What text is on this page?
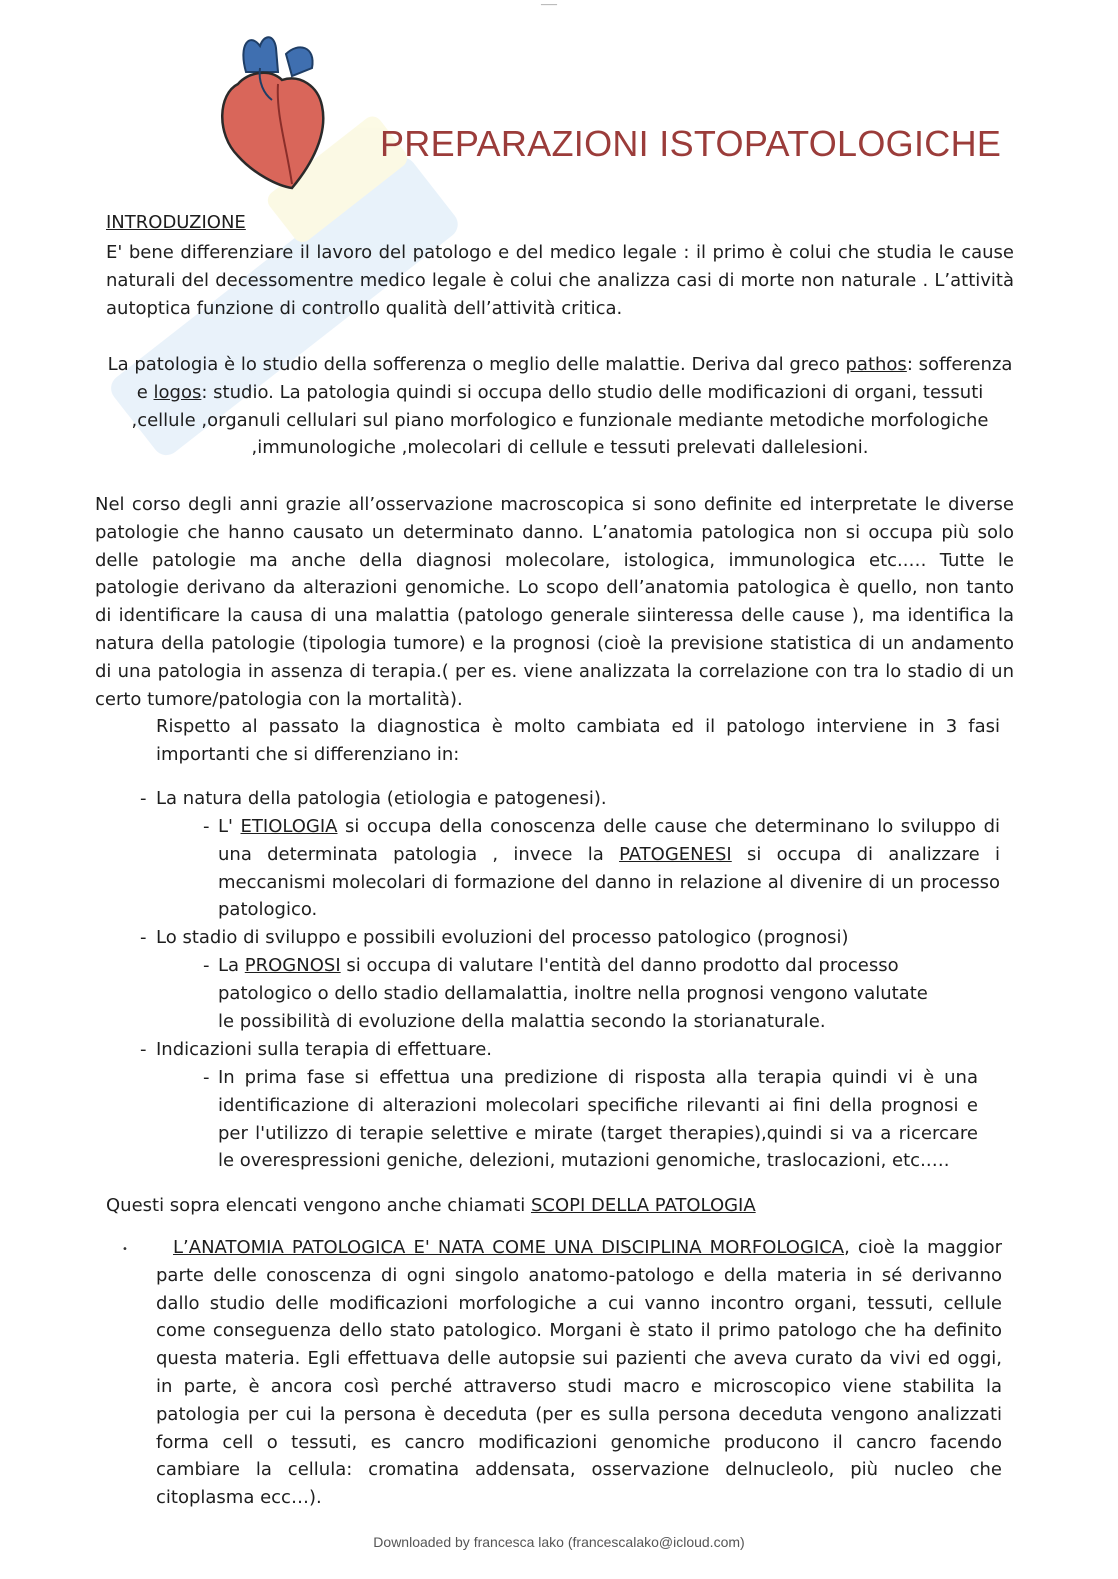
____
PREPARAZIONI ISTOPATOLOGICHE
INTRODUZIONE
E' bene differenziare il lavoro del patologo e del medico legale : il primo è colui che studia le cause naturali del decessomentre medico legale è colui che analizza casi di morte non naturale . L’attività autoptica funzione di controllo qualità dell’attività critica.
La patologia è lo studio della sofferenza o meglio delle malattie. Deriva dal greco pathos: sofferenza e logos: studio. La patologia quindi si occupa dello studio delle modificazioni di organi, tessuti ,cellule ,organuli cellulari sul piano morfologico e funzionale mediante metodiche morfologiche ,immunologiche ,molecolari di cellule e tessuti prelevati dallelesioni.
Nel corso degli anni grazie all’osservazione macroscopica si sono definite ed interpretate le diverse patologie che hanno causato un determinato danno. L’anatomia patologica non si occupa più solo delle patologie ma anche della diagnosi molecolare, istologica, immunologica etc..… Tutte le patologie derivano da alterazioni genomiche. Lo scopo dell’anatomia patologica è quello, non tanto di identificare la causa di una malattia (patologo generale siinteressa delle cause ), ma identifica la natura della patologie (tipologia tumore) e la prognosi (cioè la previsione statistica di un andamento di una patologia in assenza di terapia.( per es. viene analizzata la correlazione con tra lo stadio di un certo tumore/patologia con la mortalità).
Rispetto al passato la diagnostica è molto cambiata ed il patologo interviene in 3 fasi importanti che si differenziano in:
- La natura della patologia (etiologia e patogenesi).
- L' ETIOLOGIA si occupa della conoscenza delle cause che determinano lo sviluppo di una determinata patologia , invece la PATOGENESI si occupa di analizzare i meccanismi molecolari di formazione del danno in relazione al divenire di un processo patologico.
- Lo stadio di sviluppo e possibili evoluzioni del processo patologico (prognosi)
- La PROGNOSI si occupa di valutare l'entità del danno prodotto dal processo
patologico o dello stadio dellamalattia, inoltre nella prognosi vengono valutate
le possibilità di evoluzione della malattia secondo la storianaturale.
- Indicazioni sulla terapia di effettuare.
- In prima fase si effettua una predizione di risposta alla terapia quindi vi è una identificazione di alterazioni molecolari specifiche rilevanti ai fini della prognosi e per l'utilizzo di terapie selettive e mirate (target therapies),quindi si va a ricercare le overespressioni geniche, delezioni, mutazioni genomiche, traslocazioni, etc.….
Questi sopra elencati vengono anche chiamati SCOPI DELLA PATOLOGIA
•	L’ANATOMIA PATOLOGICA E' NATA COME UNA DISCIPLINA MORFOLOGICA, cioè la maggior parte delle conoscenza di ogni singolo anatomo-patologo e della materia in sé derivanno dallo studio delle modificazioni morfologiche a cui vanno incontro organi, tessuti, cellule come conseguenza dello stato patologico. Morgani è stato il primo patologo che ha definito questa materia. Egli effettuava delle autopsie sui pazienti che aveva curato da vivi ed oggi, in parte, è ancora così perché attraverso studi macro e microscopico viene stabilita la patologia per cui la persona è deceduta (per es sulla persona deceduta vengono analizzati forma cell o tessuti, es cancro modificazioni genomiche producono il cancro facendo cambiare la cellula: cromatina addensata, osservazione delnucleolo, più nucleo che citoplasma ecc…).
Downloaded by francesca lako (francescalako@icloud.com)
